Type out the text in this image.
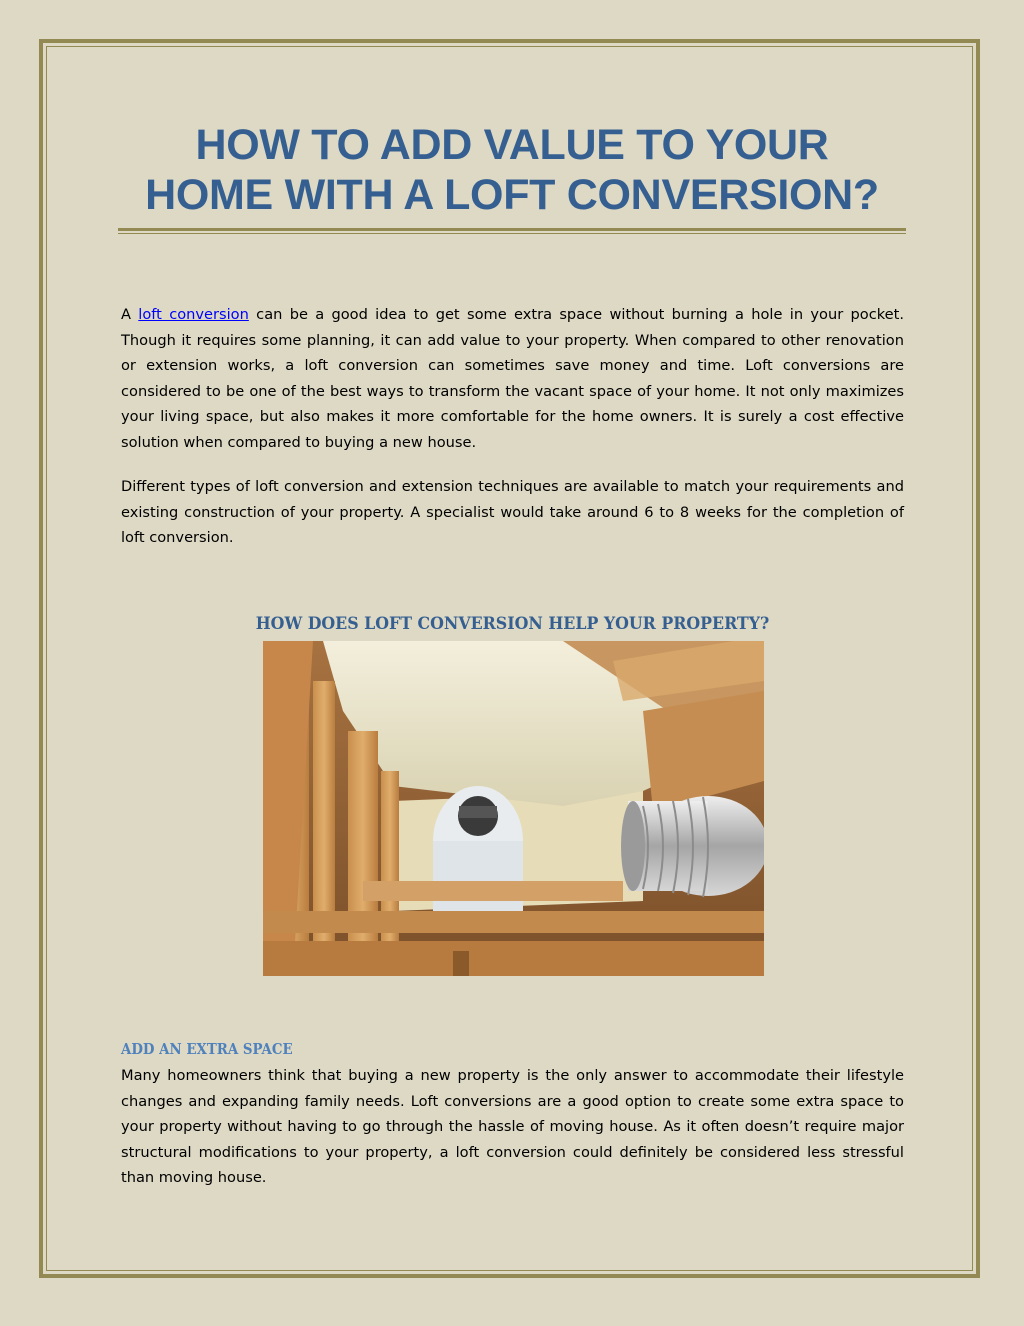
HOW TO ADD VALUE TO YOUR
HOME WITH A LOFT CONVERSION?

A loft conversion can be a good idea to get some extra space without burning a hole in your pocket. Though it requires some planning, it can add value to your property. When compared to other renovation or extension works, a loft conversion can sometimes save money and time. Loft conversions are considered to be one of the best ways to transform the vacant space of your home. It not only maximizes your living space, but also makes it more comfortable for the home owners. It is surely a cost effective solution when compared to buying a new house.

Different types of loft conversion and extension techniques are available to match your requirements and existing construction of your property. A specialist would take around 6 to 8 weeks for the completion of loft conversion.

HOW DOES LOFT CONVERSION HELP YOUR PROPERTY?
ADD AN EXTRA SPACE

Many homeowners think that buying a new property is the only answer to accommodate their lifestyle changes and expanding family needs. Loft conversions are a good option to create some extra space to your property without having to go through the hassle of moving house. As it often doesn’t require major structural modifications to your property, a loft conversion could definitely be considered less stressful than moving house.
